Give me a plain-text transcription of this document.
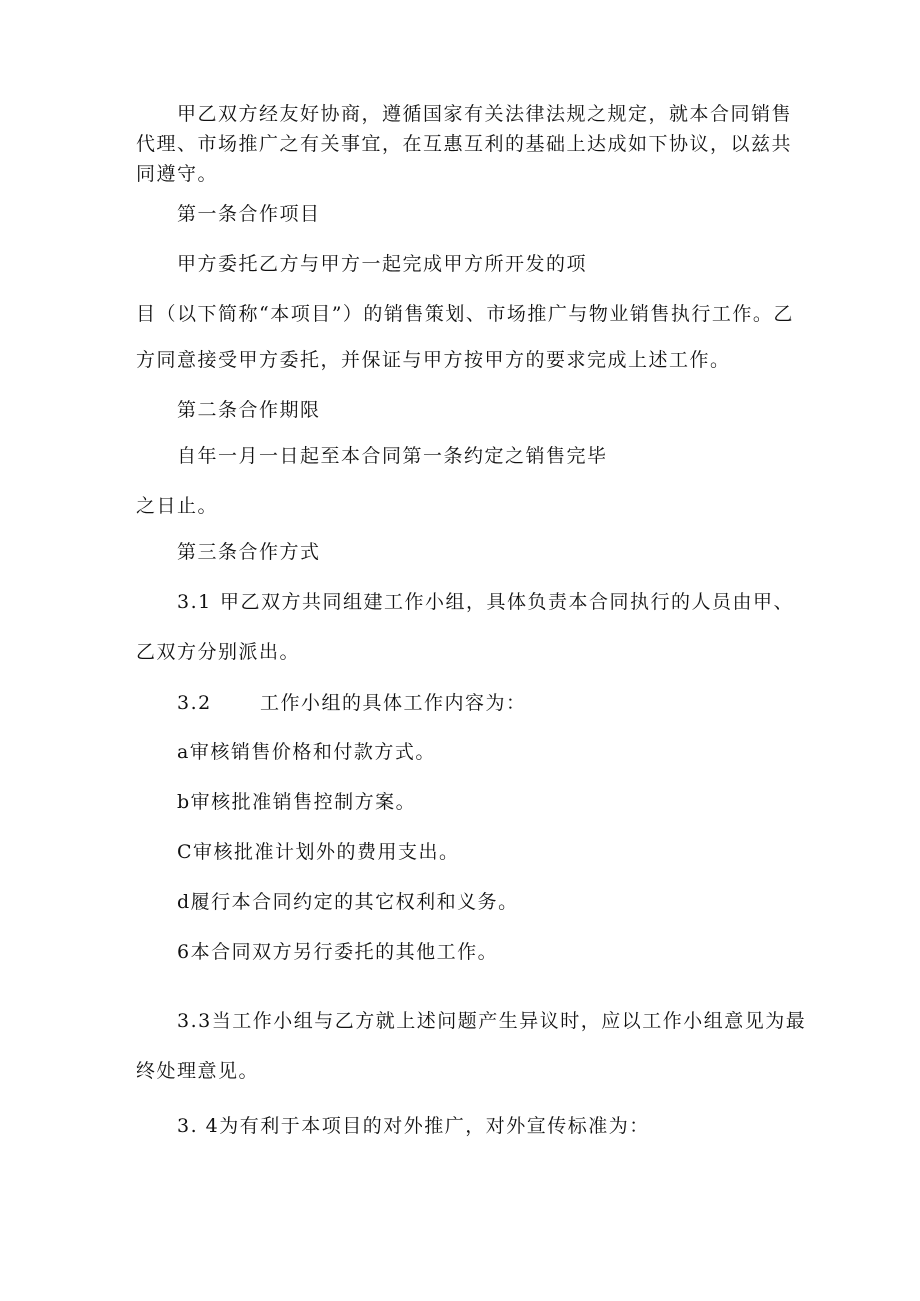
甲乙双方经友好协商，遵循国家有关法律法规之规定，就本合同销售
代理、市场推广之有关事宜，在互惠互利的基础上达成如下协议，以兹共
同遵守。
第一条合作项目
甲方委托乙方与甲方一起完成甲方所开发的项
目（以下简称“本项目”）的销售策划、市场推广与物业销售执行工作。乙
方同意接受甲方委托，并保证与甲方按甲方的要求完成上述工作。
第二条合作期限
自年一月一日起至本合同第一条约定之销售完毕
之日止。
第三条合作方式
3.1 甲乙双方共同组建工作小组，具体负责本合同执行的人员由甲、
乙双方分别派出。
3.2	工作小组的具体工作内容为：
a审核销售价格和付款方式。
b审核批准销售控制方案。
C审核批准计划外的费用支出。
d履行本合同约定的其它权利和义务。
6本合同双方另行委托的其他工作。
3.3当工作小组与乙方就上述问题产生异议时，应以工作小组意见为最
终处理意见。
3. 4为有利于本项目的对外推广，对外宣传标准为：
